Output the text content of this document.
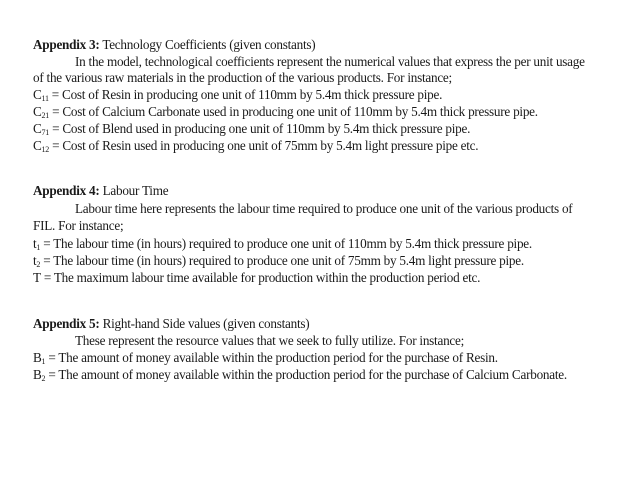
Appendix 3: Technology Coefficients (given constants)
In the model, technological coefficients represent the numerical values that express the per unit usage
of the various raw materials in the production of the various products. For instance;
$C_{11}$ = Cost of Resin in producing one unit of 110mm by 5.4m thick pressure pipe.
$C_{21}$ = Cost of Calcium Carbonate used in producing one unit of 110mm by 5.4m thick pressure pipe.
$C_{71}$ = Cost of Blend used in producing one unit of 110mm by 5.4m thick pressure pipe.
$C_{12}$ = Cost of Resin used in producing one unit of 75mm by 5.4m light pressure pipe etc.
Appendix 4: Labour Time
Labour time here represents the labour time required to produce one unit of the various products of
FIL. For instance;
$t_1$ = The labour time (in hours) required to produce one unit of 110mm by 5.4m thick pressure pipe.
$t_2$ = The labour time (in hours) required to produce one unit of 75mm by 5.4m light pressure pipe.
T = The maximum labour time available for production within the production period etc.
Appendix 5: Right-hand Side values (given constants)
These represent the resource values that we seek to fully utilize. For instance;
$B_1$ = The amount of money available within the production period for the purchase of Resin.
$B_2$ = The amount of money available within the production period for the purchase of Calcium Carbonate.
